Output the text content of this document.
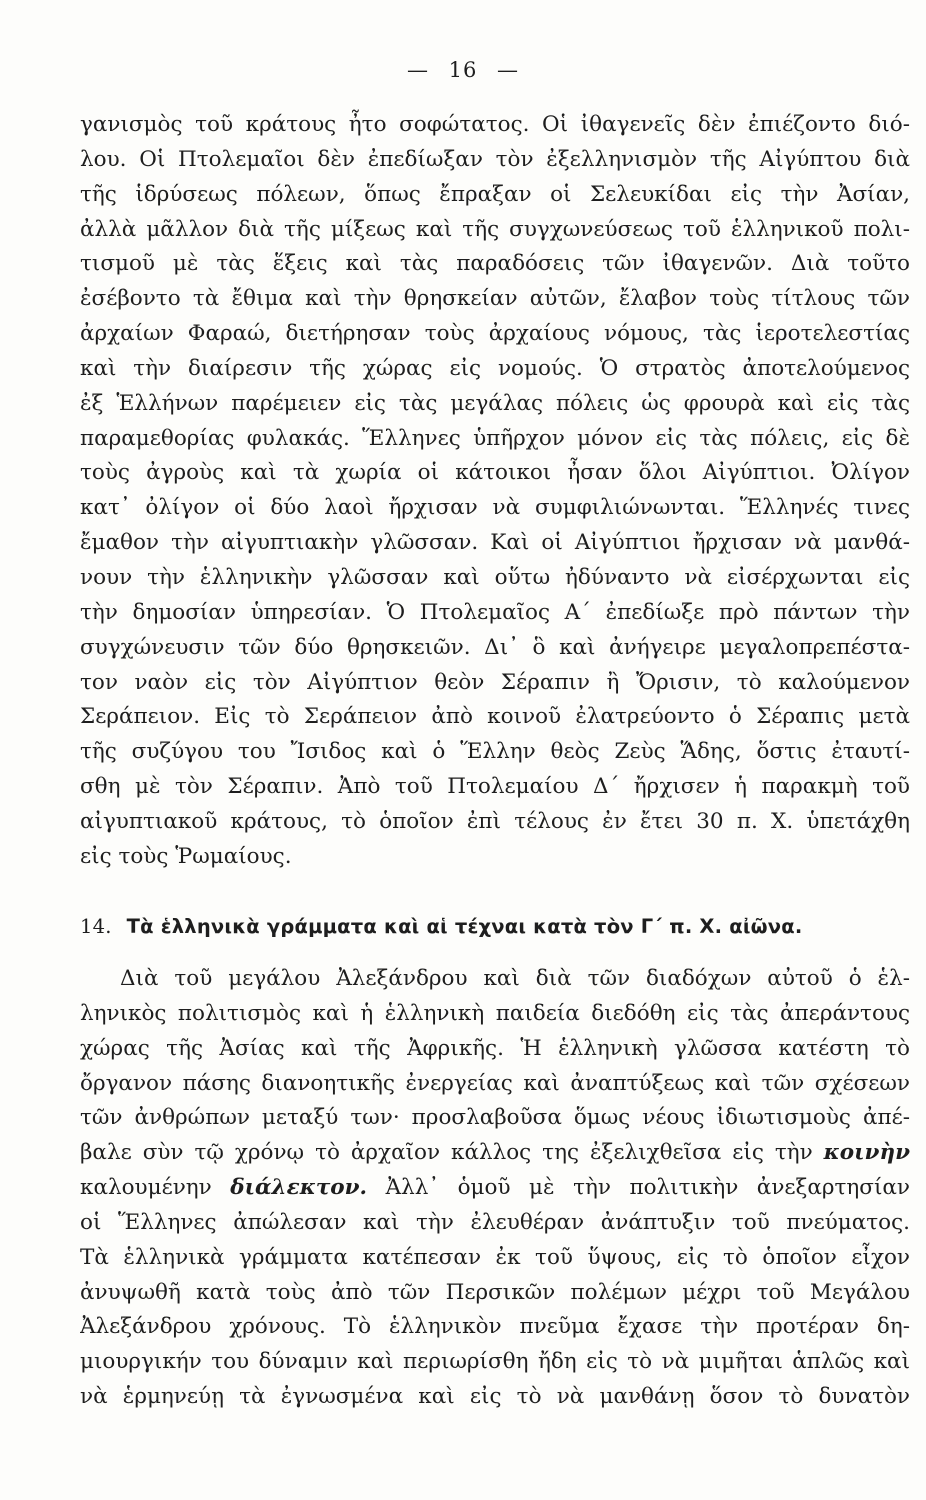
— 16 —
γανισμὸς τοῦ κράτους ἦτο σοφώτατος. Οἱ ἰθαγενεῖς δὲν ἐπιέζοντο διό-
λου. Οἱ Πτολεμαῖοι δὲν ἐπεδίωξαν τὸν ἐξελληνισμὸν τῆς Αἰγύπτου διὰ
τῆς ἱδρύσεως πόλεων, ὅπως ἔπραξαν οἱ Σελευκίδαι εἰς τὴν Ἀσίαν,
ἀλλὰ μᾶλλον διὰ τῆς μίξεως καὶ τῆς συγχωνεύσεως τοῦ ἑλληνικοῦ πολι-
τισμοῦ μὲ τὰς ἕξεις καὶ τὰς παραδόσεις τῶν ἰθαγενῶν. Διὰ τοῦτο
ἐσέβοντο τὰ ἔθιμα καὶ τὴν θρησκείαν αὐτῶν, ἔλαβον τοὺς τίτλους τῶν
ἀρχαίων Φαραώ, διετήρησαν τοὺς ἀρχαίους νόμους, τὰς ἱεροτελεστίας
καὶ τὴν διαίρεσιν τῆς χώρας εἰς νομούς. Ὁ στρατὸς ἀποτελούμενος
ἐξ Ἑλλήνων παρέμειεν εἰς τὰς μεγάλας πόλεις ὡς φρουρὰ καὶ εἰς τὰς
παραμεθορίας φυλακάς. Ἕλληνες ὑπῆρχον μόνον εἰς τὰς πόλεις, εἰς δὲ
τοὺς ἀγροὺς καὶ τὰ χωρία οἱ κάτοικοι ἦσαν ὅλοι Αἰγύπτιοι. Ὀλίγον
κατ᾽ ὀλίγον οἱ δύο λαοὶ ἤρχισαν νὰ συμφιλιώνωνται. Ἕλληνές τινες
ἔμαθον τὴν αἰγυπτιακὴν γλῶσσαν. Καὶ οἱ Αἰγύπτιοι ἤρχισαν νὰ μανθά-
νουν τὴν ἑλληνικὴν γλῶσσαν καὶ οὕτω ἠδύναντο νὰ εἰσέρχωνται εἰς
τὴν δημοσίαν ὑπηρεσίαν. Ὁ Πτολεμαῖος Α΄ ἐπεδίωξε πρὸ πάντων τὴν
συγχώνευσιν τῶν δύο θρησκειῶν. Δι᾽ ὃ καὶ ἀνήγειρε μεγαλοπρεπέστα-
τον ναὸν εἰς τὸν Αἰγύπτιον θεὸν Σέραπιν ἢ Ὄρισιν, τὸ καλούμενον
Σεράπειον. Εἰς τὸ Σεράπειον ἀπὸ κοινοῦ ἐλατρεύοντο ὁ Σέραπις μετὰ
τῆς συζύγου του Ἴσιδος καὶ ὁ Ἕλλην θεὸς Ζεὺς Ἅδης, ὅστις ἐταυτί-
σθη μὲ τὸν Σέραπιν. Ἀπὸ τοῦ Πτολεμαίου Δ΄ ἤρχισεν ἡ παρακμὴ τοῦ
αἰγυπτιακοῦ κράτους, τὸ ὁποῖον ἐπὶ τέλους ἐν ἔτει 30 π. Χ. ὑπετάχθη
εἰς τοὺς Ῥωμαίους.
14. Τὰ ἑλληνικὰ γράμματα καὶ αἱ τέχναι κατὰ τὸν Γ΄ π. Χ. αἰῶνα.
Διὰ τοῦ μεγάλου Ἀλεξάνδρου καὶ διὰ τῶν διαδόχων αὐτοῦ ὁ ἑλ-
ληνικὸς πολιτισμὸς καὶ ἡ ἑλληνικὴ παιδεία διεδόθη εἰς τὰς ἀπεράντους
χώρας τῆς Ἀσίας καὶ τῆς Ἀφρικῆς. Ἡ ἑλληνικὴ γλῶσσα κατέστη τὸ
ὄργανον πάσης διανοητικῆς ἐνεργείας καὶ ἀναπτύξεως καὶ τῶν σχέσεων
τῶν ἀνθρώπων μεταξύ των· προσλαβοῦσα ὅμως νέους ἰδιωτισμοὺς ἀπέ-
βαλε σὺν τῷ χρόνῳ τὸ ἀρχαῖον κάλλος της ἐξελιχθεῖσα εἰς τὴν κοινὴν
καλουμένην διάλεκτον. Ἀλλ᾽ ὁμοῦ μὲ τὴν πολιτικὴν ἀνεξαρτησίαν
οἱ Ἕλληνες ἀπώλεσαν καὶ τὴν ἐλευθέραν ἀνάπτυξιν τοῦ πνεύματος.
Τὰ ἑλληνικὰ γράμματα κατέπεσαν ἐκ τοῦ ὕψους, εἰς τὸ ὁποῖον εἶχον
ἀνυψωθῆ κατὰ τοὺς ἀπὸ τῶν Περσικῶν πολέμων μέχρι τοῦ Μεγάλου
Ἀλεξάνδρου χρόνους. Τὸ ἑλληνικὸν πνεῦμα ἔχασε τὴν προτέραν δη-
μιουργικήν του δύναμιν καὶ περιωρίσθη ἤδη εἰς τὸ νὰ μιμῆται ἁπλῶς καὶ
νὰ ἑρμηνεύῃ τὰ ἐγνωσμένα καὶ εἰς τὸ νὰ μανθάνῃ ὅσον τὸ δυνατὸν
